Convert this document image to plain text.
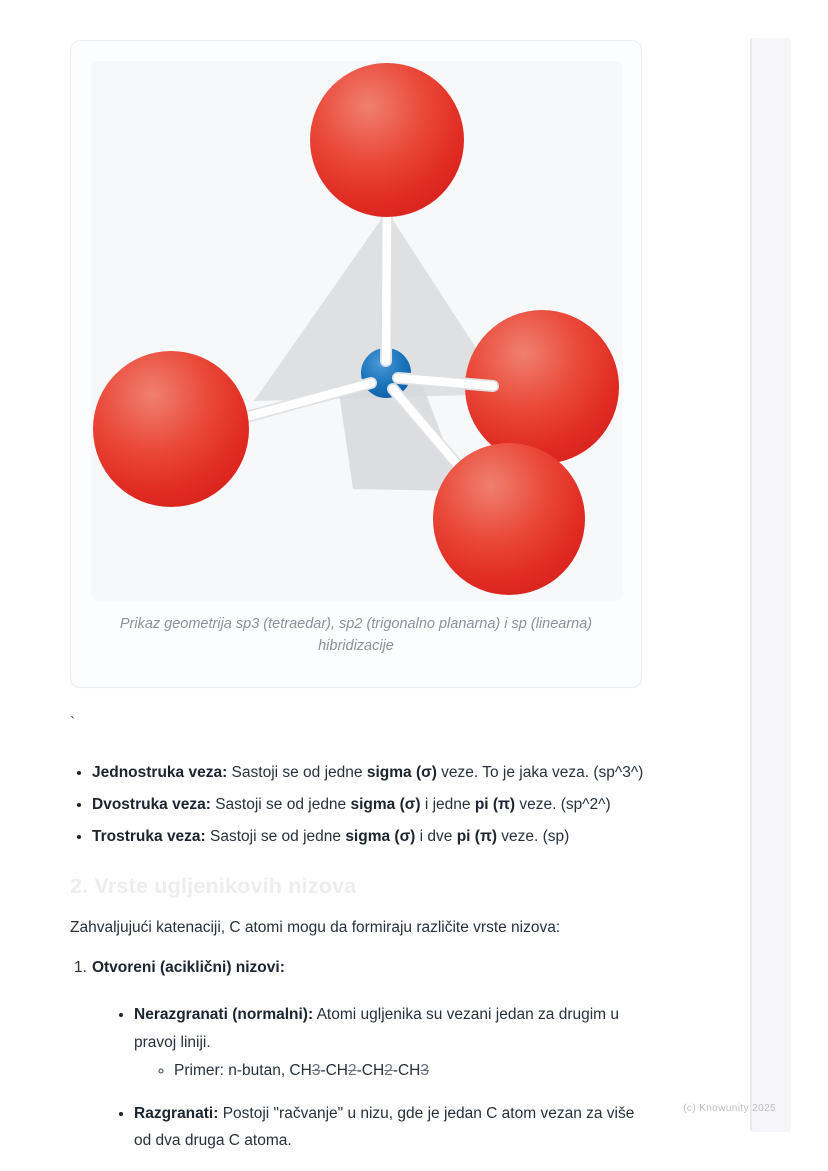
Prikaz geometrija sp3 (tetraedar), sp2 (trigonalno planarna) i sp (linearna) hibridizacije
`
• Jednostruka veza: Sastoji se od jedne sigma (σ) veze. To je jaka veza. (sp^3^)
• Dvostruka veza: Sastoji se od jedne sigma (σ) i jedne pi (π) veze. (sp^2^)
• Trostruka veza: Sastoji se od jedne sigma (σ) i dve pi (π) veze. (sp)
2. Vrste ugljenikovih nizova
Zahvaljujući katenaciji, C atomi mogu da formiraju različite vrste nizova:
1. Otvoreni (aciklični) nizovi:
• Nerazgranati (normalni): Atomi ugljenika su vezani jedan za drugim u pravoj liniji.
◦ Primer: n-butan, CH3-CH2-CH2-CH3
• Razgranati: Postoji "račvanje" u nizu, gde je jedan C atom vezan za više od dva druga C atoma.
(c) Knowunity 2025
